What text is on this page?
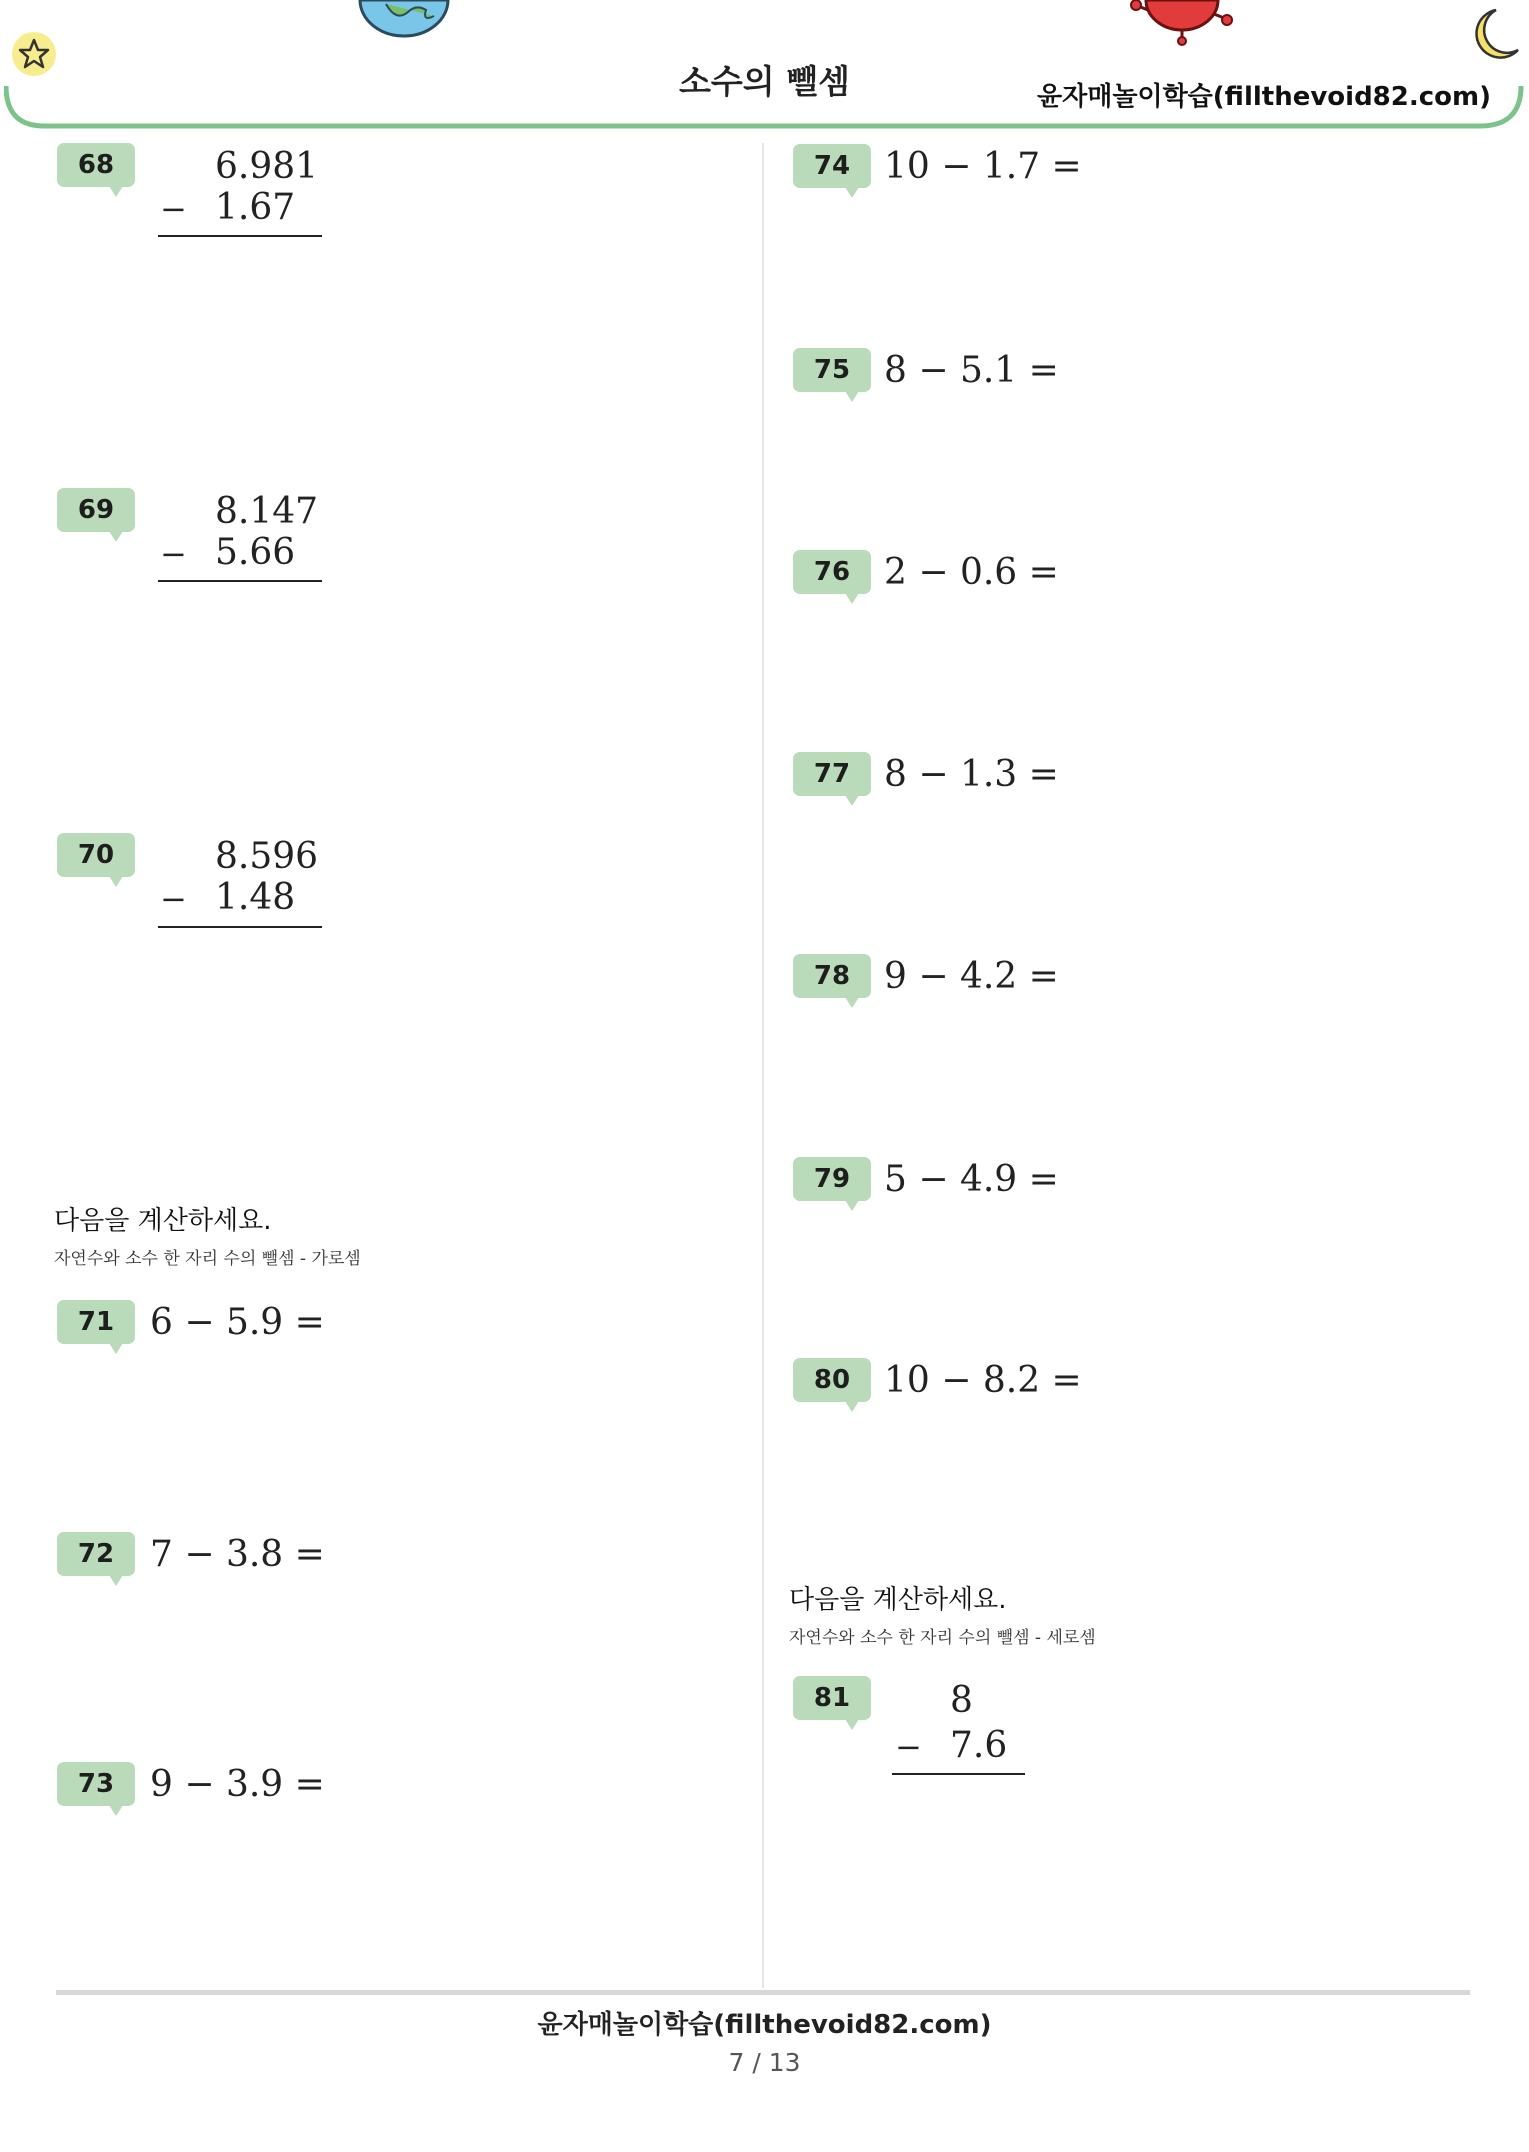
소수의 뺄셈	윤자매놀이학습(fillthevoid82.com)
68	6.981
− 1.67
69	8.147
− 5.66
70	8.596
− 1.48
다음을 계산하세요.
자연수와 소수 한 자리 수의 뺄셈 - 가로셈
71 6 − 5.9 =
72 7 − 3.8 =
73 9 − 3.9 =
74 10 − 1.7 =
75 8 − 5.1 =
76 2 − 0.6 =
77 8 − 1.3 =
78 9 − 4.2 =
79 5 − 4.9 =
80 10 − 8.2 =
다음을 계산하세요.
자연수와 소수 한 자리 수의 뺄셈 - 세로셈
81	8
− 7.6
윤자매놀이학습(fillthevoid82.com)
7 / 13
